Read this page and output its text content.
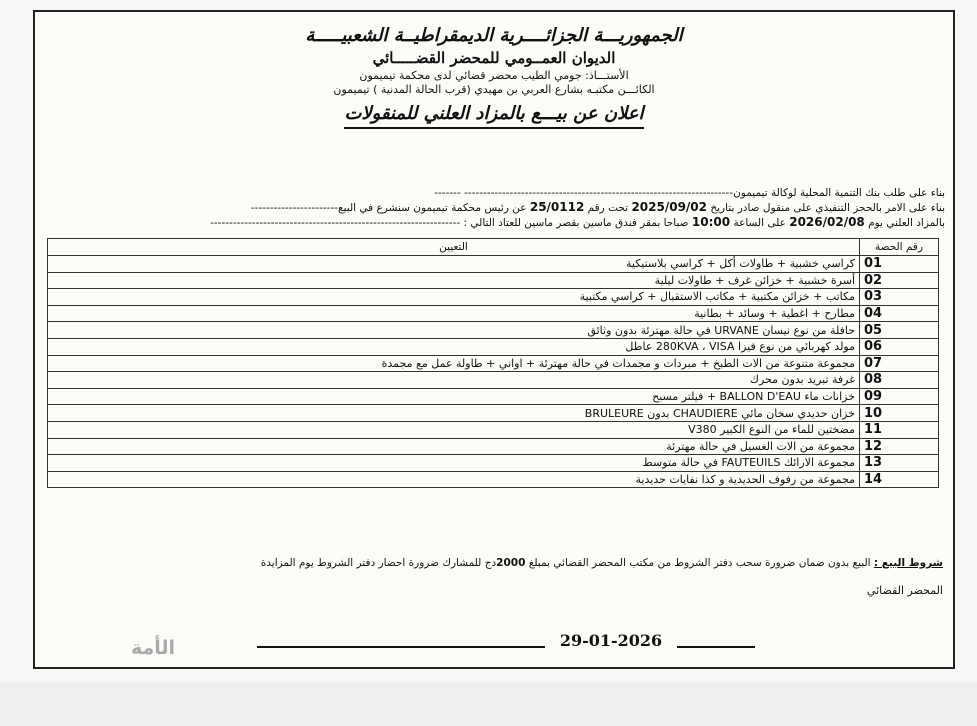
الجمهوريـــة الجزائــــرية الديمقراطيــة الشعبيـــــة

الديوان العمــومي للمحضر القضـــــائي

الأستـــاذ: جومي الطيب محضر قضائي لدى محكمة تيميمون

الكائـــن مكتبـه بشارع العربي بن مهيدي (قرب الحالة المدنية ) تيميمون

اعلان عن بيـــع بالمزاد العلني للمنقولات

بناء على طلب بنك التنمية المحلية لوكالة تيميمون----------------------------------------------------------------------- -------

بناء على الامر بالحجز التنفيذي على منقول صادر بتاريخ 2025/09/02 تحت رقم 25/0112 عن رئيس محكمة تيميمون سنشرع في البيع-----------------------

بالمزاد العلني يوم 2026/02/08 على الساعة 10:00 صباحا بمقر فندق ماسين بقصر ماسين للعتاد التالي : ------------------------------------------------------------------

رقم الحصة	التعيين
01	كراسي خشبية + طاولات أكل + كراسي بلاستيكية
02	أسرة خشبية + خزائن غرف + طاولات ليلية
03	مكاتب + خزائن مكتبية + مكاتب الاستقبال + كراسي مكتبية
04	مطارح + اغطية + وسائد + بطانية
05	حافلة من نوع نيسان URVANE في حالة مهترئة بدون وثائق
06	مولد كهربائي من نوع فيزا 280KVA ، VISA عاطل
07	مجموعة متنوعة من الات الطبخ + مبردات و مجمدات في حالة مهترئة + اواني + طاولة عمل مع مجمدة
08	غرفة تبريد بدون محرك
09	خزانات ماء BALLON D'EAU + فيلتر مسبح
10	خزان حديدي سخان مائي CHAUDIERE بدون BRULEURE
11	مضختين للماء من النوع الكبير V380
12	مجموعة من الات الغسيل في حالة مهترئة
13	مجموعة الارائك FAUTEUILS في حالة متوسط
14	مجموعة من رفوف الحديدية و كذا نفايات حديدية
شروط البيع : البيع بدون ضمان ضرورة سحب دفتر الشروط من مكتب المحضر القضائي بمبلغ 2000دج للمشارك ضرورة احضار دفتر الشروط يوم المزايدة
المحضر القضائي
29-01-2026
الأمة
